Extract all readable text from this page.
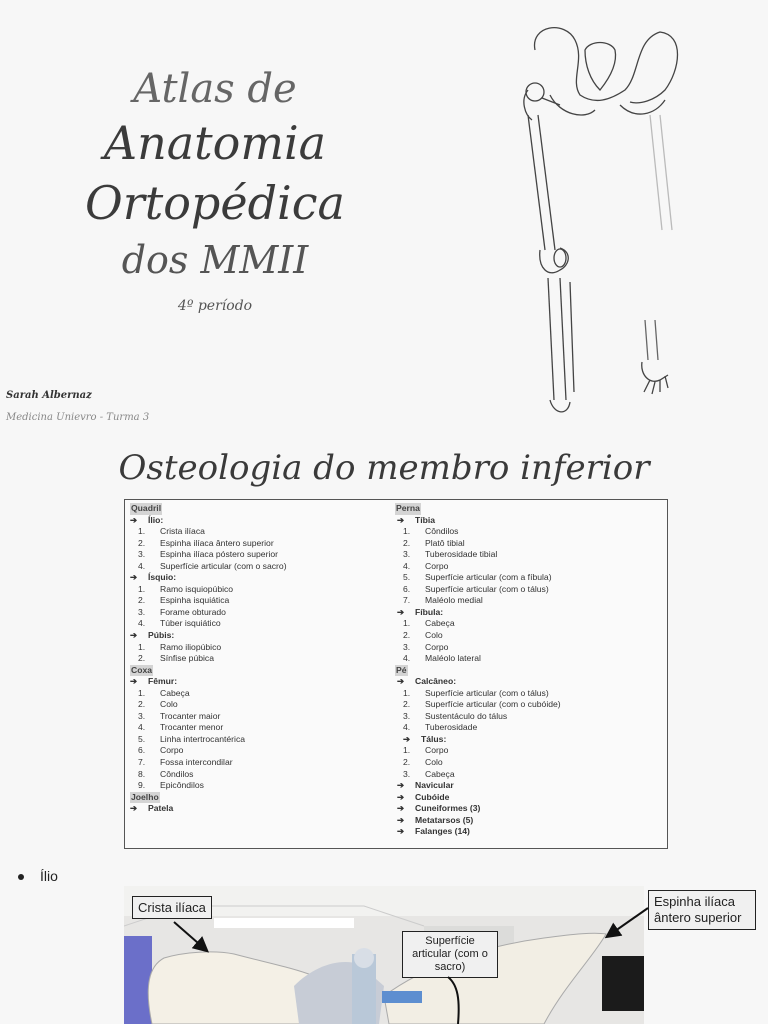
Atlas de
Anatomia
Ortopédica
dos MMII
4º período
Sarah Albernaz
Medicina Unievro - Turma 3
Osteologia do membro inferior
Quadril
➔ Ílio:
1. Crista ilíaca
2. Espinha ilíaca ântero superior
3. Espinha ilíaca póstero superior
4. Superfície articular (com o sacro)
➔ Ísquio:
1. Ramo isquiopúbico
2. Espinha isquiática
3. Forame obturado
4. Túber isquiático
➔ Púbis:
1. Ramo iliopúbico
2. Sínfise púbica
Coxa
➔ Fêmur:
1. Cabeça
2. Colo
3. Trocanter maior
4. Trocanter menor
5. Linha intertrocantérica
6. Corpo
7. Fossa intercondilar
8. Côndilos
9. Epicôndilos
Joelho
➔ Patela
Perna
➔ Tíbia
1. Côndilos
2. Platô tibial
3. Tuberosidade tibial
4. Corpo
5. Superfície articular (com a fíbula)
6. Superfície articular (com o tálus)
7. Maléolo medial
➔ Fíbula:
1. Cabeça
2. Colo
3. Corpo
4. Maléolo lateral
Pé
➔ Calcâneo:
1. Superfície articular (com o tálus)
2. Superfície articular (com o cubóide)
3. Sustentáculo do tálus
4. Tuberosidade
➔ Tálus:
1. Corpo
2. Colo
3. Cabeça
➔ Navicular
➔ Cubóide
➔ Cuneiformes (3)
➔ Metatarsos (5)
➔ Falanges (14)
Ílio
Crista ilíaca	Espinha ilíaca ântero superior
Superfície articular (com o sacro)
